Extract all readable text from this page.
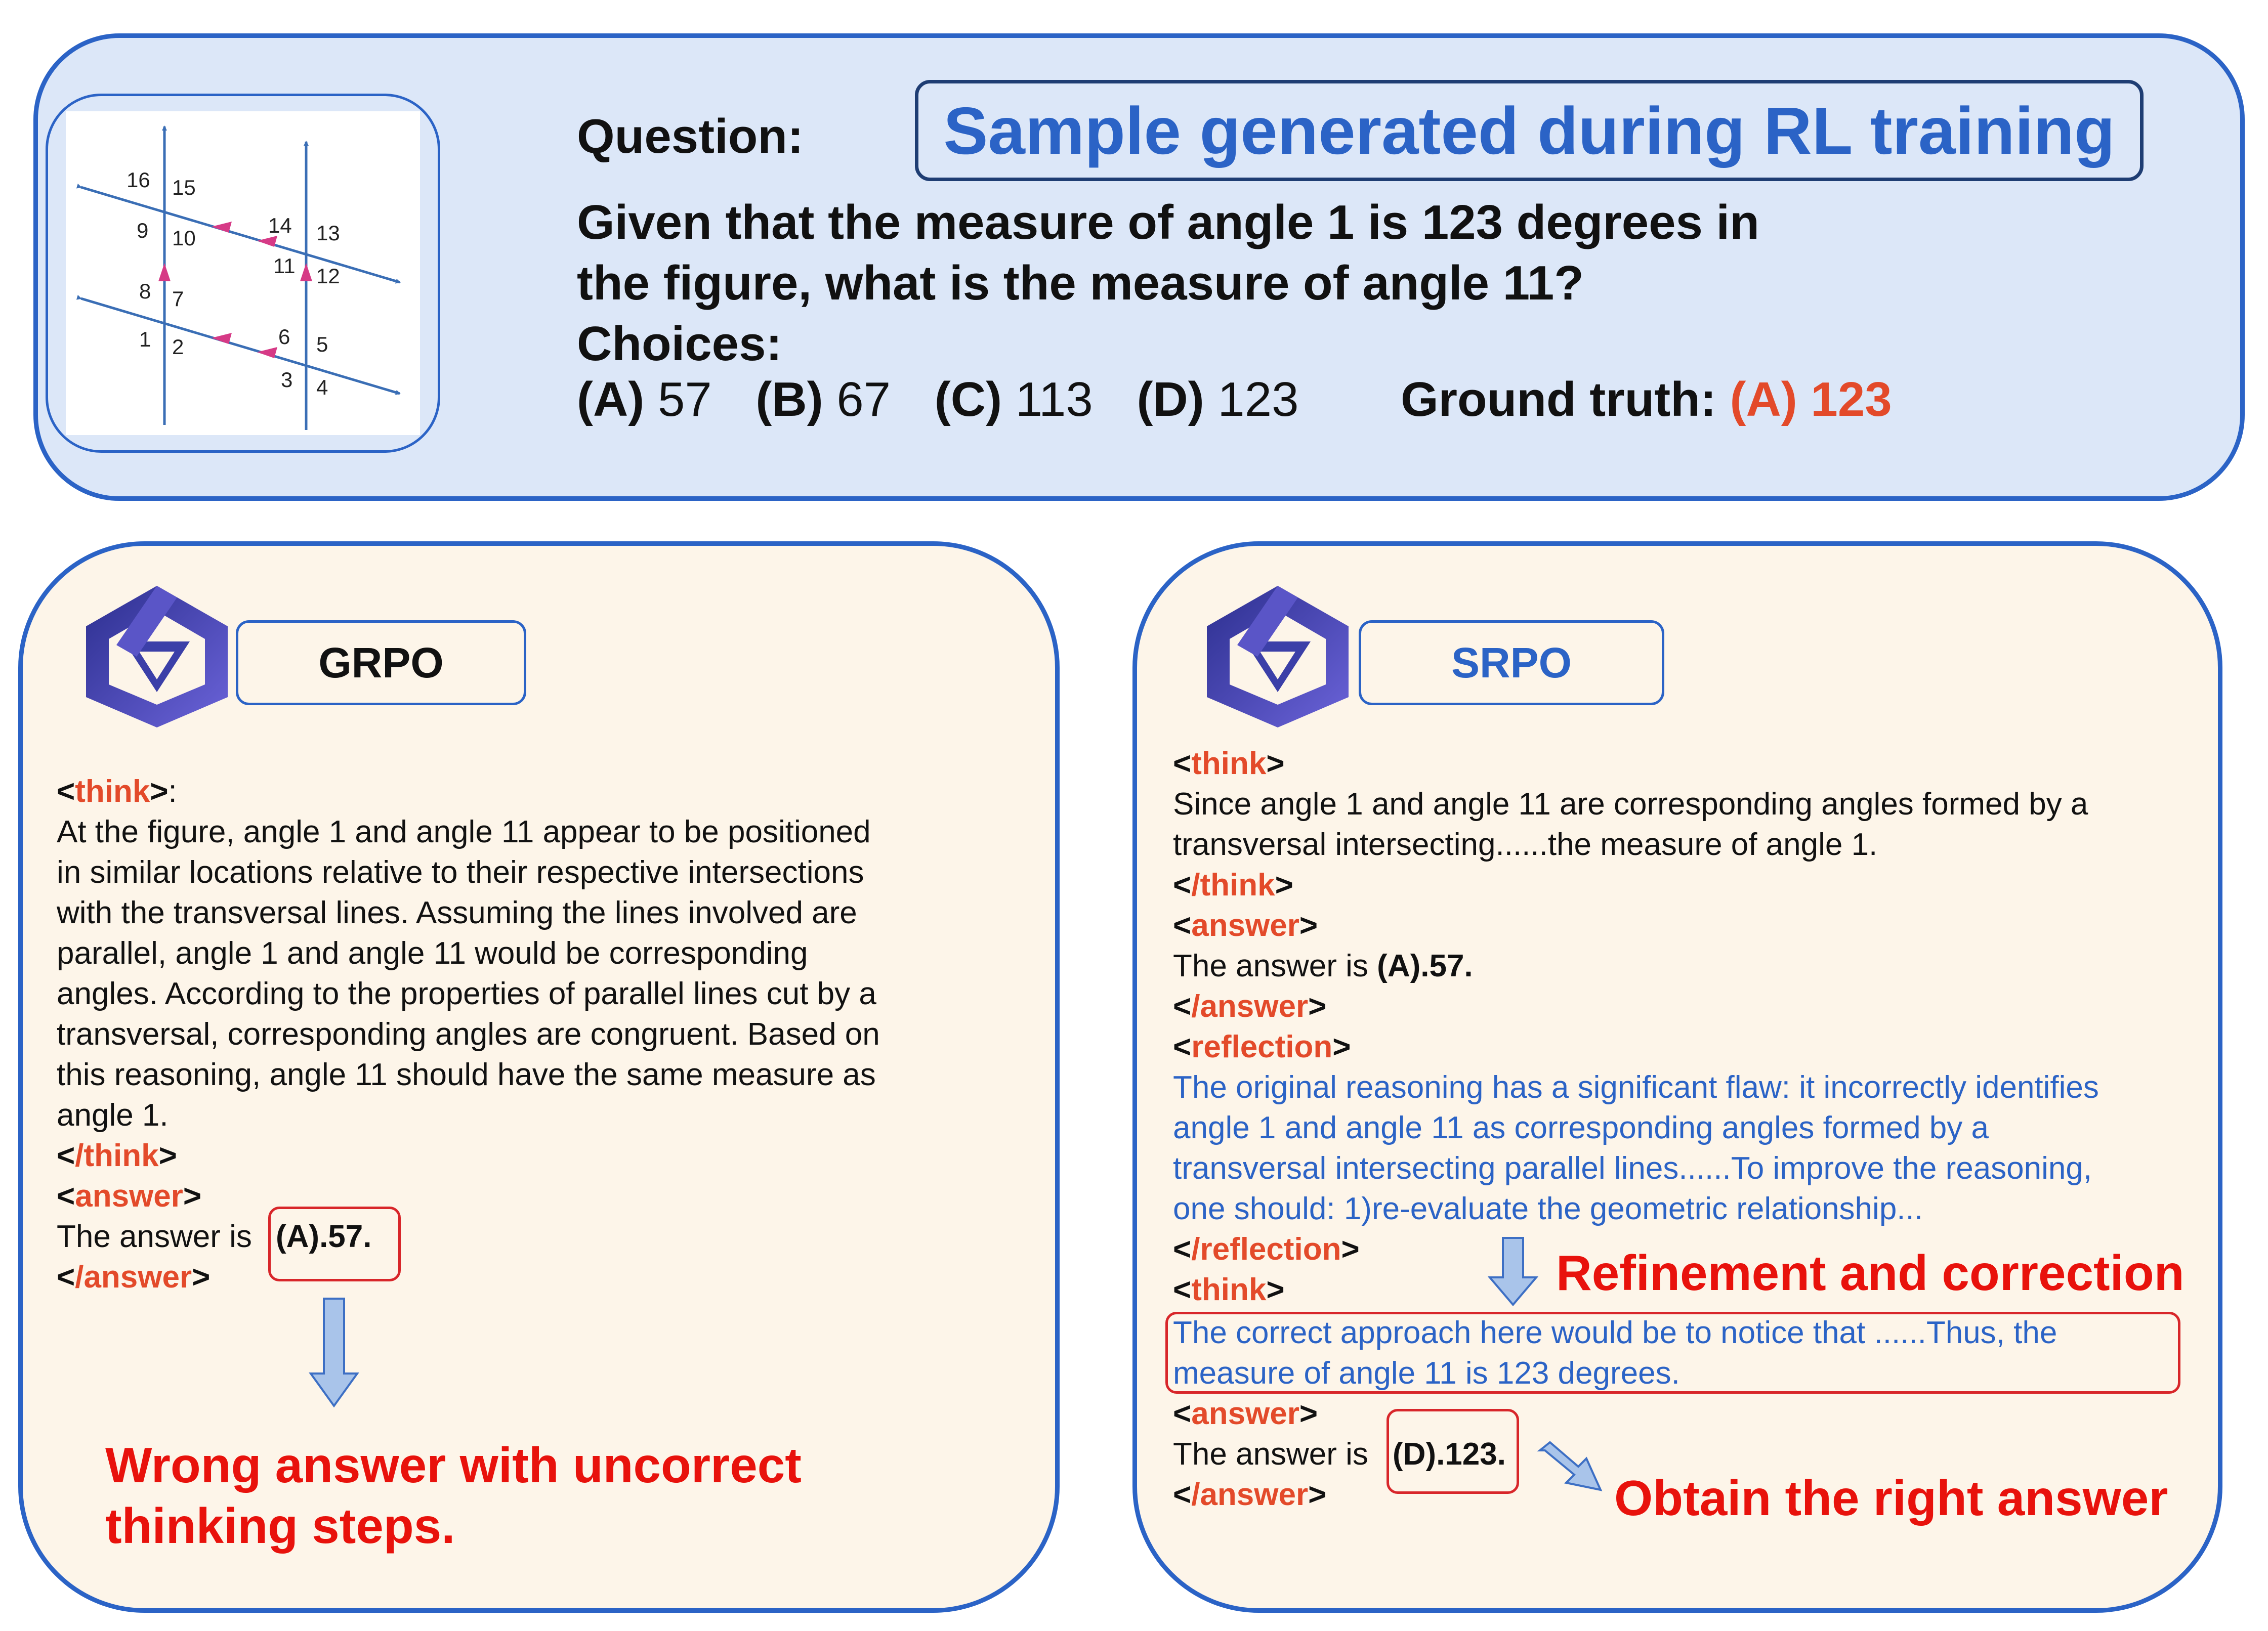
16 15
9 10
14 13
11 12
8 7
1 2	6 5
3 4
Question: Sample generated during RL training
Given that the measure of angle 1 is 123 degrees in
the figure, what is the measure of angle 11?
Choices:
(A) 57 (B) 67 (C) 113 (D) 123	Ground truth: (A) 123
GRPO
<think>:
At the figure, angle 1 and angle 11 appear to be positioned
in similar locations relative to their respective intersections
with the transversal lines. Assuming the lines involved are
parallel, angle 1 and angle 11 would be corresponding
angles. According to the properties of parallel lines cut by a
transversal, corresponding angles are congruent. Based on
this reasoning, angle 11 should have the same measure as
angle 1.
</think>
<answer>
The answer is (A).57.
</answer>
Wrong answer with uncorrect
thinking steps.
SRPO
<think>
Since angle 1 and angle 11 are corresponding angles formed by a
transversal intersecting......the measure of angle 1.
</think>
<answer>
The answer is (A).57.
</answer>
<reflection>
The original reasoning has a significant flaw: it incorrectly identifies
angle 1 and angle 11 as corresponding angles formed by a
transversal intersecting parallel lines......To improve the reasoning,
one should: 1)re-evaluate the geometric relationship...
</reflection>	Refinement and correction
<think>
The correct approach here would be to notice that ......Thus, the
measure of angle 11 is 123 degrees.
<answer>
The answer is (D).123.
</answer>	Obtain the right answer
